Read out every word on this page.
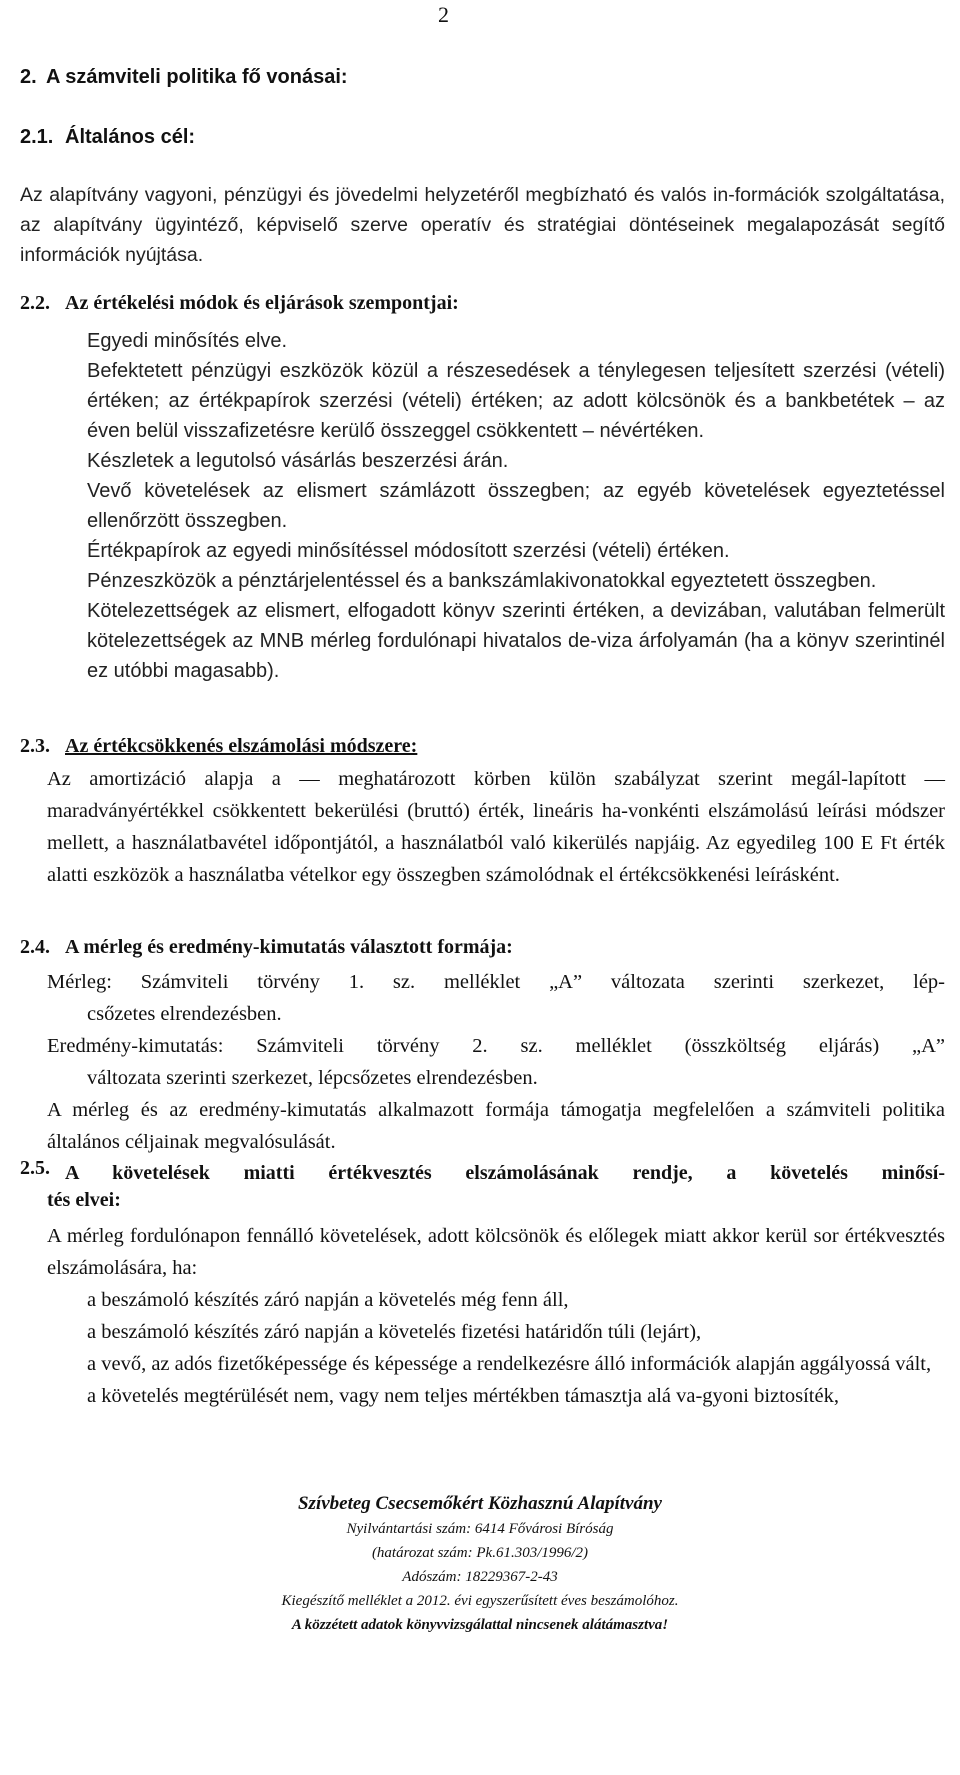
2
2. A számviteli politika fő vonásai:
2.1. Általános cél:
Az alapítvány vagyoni, pénzügyi és jövedelmi helyzetéről megbízható és valós in-formációk szolgáltatása, az alapítvány ügyintéző, képviselő szerve operatív és stratégiai döntéseinek megalapozását segítő információk nyújtása.
2.2. Az értékelési módok és eljárások szempontjai:
Egyedi minősítés elve.
Befektetett pénzügyi eszközök közül a részesedések a ténylegesen teljesített szerzési (vételi) értéken; az értékpapírok szerzési (vételi) értéken; az adott kölcsönök és a bankbetétek – az éven belül visszafizetésre kerülő összeggel csökkentett – névértéken.
Készletek a legutolsó vásárlás beszerzési árán.
Vevő követelések az elismert számlázott összegben; az egyéb követelések egyeztetéssel ellenőrzött összegben.
Értékpapírok az egyedi minősítéssel módosított szerzési (vételi) értéken.
Pénzeszközök a pénztárjelentéssel és a bankszámlakivonatokkal egyeztetett összegben.
Kötelezettségek az elismert, elfogadott könyv szerinti értéken, a devizában, valutában felmerült kötelezettségek az MNB mérleg fordulónapi hivatalos de-viza árfolyamán (ha a könyv szerintinél ez utóbbi magasabb).
2.3. Az értékcsökkenés elszámolási módszere:
Az amortizáció alapja a — meghatározott körben külön szabályzat szerint megál-lapított — maradványértékkel csökkentett bekerülési (bruttó) érték, lineáris ha-vonkénti elszámolású leírási módszer mellett, a használatbavétel időpontjától, a használatból való kikerülés napjáig. Az egyedileg 100 E Ft érték alatti eszközök a használatba vételkor egy összegben számolódnak el értékcsökkenési leírásként.
2.4. A mérleg és eredmény-kimutatás választott formája:
Mérleg: Számviteli törvény 1. sz. melléklet „A” változata szerinti szerkezet, lép-
csőzetes elrendezésben.
Eredmény-kimutatás: Számviteli törvény 2. sz. melléklet (összköltség eljárás) „A”
változata szerinti szerkezet, lépcsőzetes elrendezésben.
A mérleg és az eredmény-kimutatás alkalmazott formája támogatja megfelelően a számviteli politika általános céljainak megvalósulását.
2.5. A követelések miatti értékvesztés elszámolásának rendje, a követelés minősí-
tés elvei:
A mérleg fordulónapon fennálló követelések, adott kölcsönök és előlegek miatt akkor kerül sor értékvesztés elszámolására, ha:
a beszámoló készítés záró napján a követelés még fenn áll,
a beszámoló készítés záró napján a követelés fizetési határidőn túli (lejárt),
a vevő, az adós fizetőképessége és képessége a rendelkezésre álló információk alapján aggályossá vált,
a követelés megtérülését nem, vagy nem teljes mértékben támasztja alá va-gyoni biztosíték,
Szívbeteg Csecsemőkért Közhasznú Alapítvány
Nyilvántartási szám: 6414 Fővárosi Bíróság
(határozat szám: Pk.61.303/1996/2)
Adószám: 18229367-2-43
Kiegészítő melléklet a 2012. évi egyszerűsített éves beszámolóhoz.
A közzétett adatok könyvvizsgálattal nincsenek alátámasztva!
